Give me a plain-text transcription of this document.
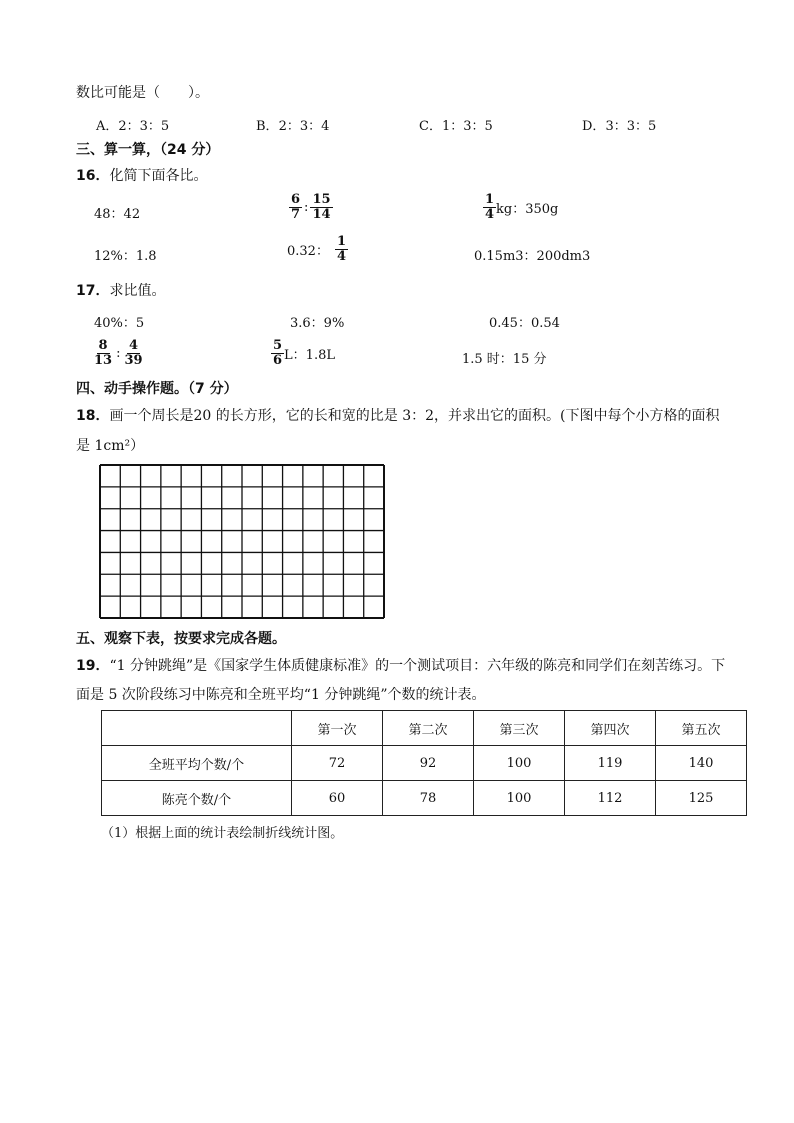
数比可能是（　　）。
A．2：3：5	B．2：3：4	C．1：3：5	D．3：3：5
三、算一算，（24 分）
16．化简下面各比。
48：42	$\frac{6}{7}$ : $\frac{15}{14}$	$\frac{1}{4}$ kg：350g
12%：1.8	0.32： $\frac{1}{4}$	0.15m3：200dm3
17．求比值。
40%：5	3.6：9%	0.45：0.54
$\frac{8}{13}$ : $\frac{4}{39}$	$\frac{5}{6}$ L：1.8L	1.5 时：15 分
四、动手操作题。（7 分）
18．画一个周长是20 的长方形，它的长和宽的比是 3：2，并求出它的面积。(下图中每个小方格的面积
是 1cm²）
五、观察下表，按要求完成各题。
19．“1 分钟跳绳”是《国家学生体质健康标准》的一个测试项目：六年级的陈亮和同学们在刻苦练习。下
面是 5 次阶段练习中陈亮和全班平均“1 分钟跳绳”个数的统计表。
	第一次	第二次	第三次	第四次	第五次
全班平均个数/个	72	92	100	119	140
陈亮个数/个	60	78	100	112	125
（1）根据上面的统计表绘制折线统计图。
